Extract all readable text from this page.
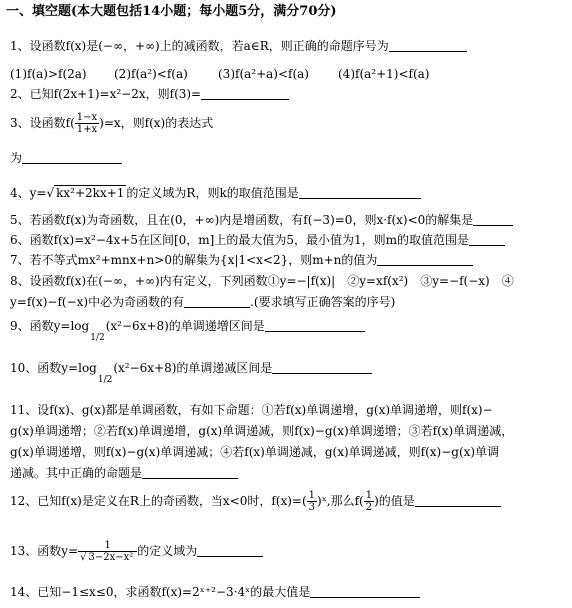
一、填空题(本大题包括14小题；每小题5分，满分70分)
1、设函数f(x)是(−∞，+∞)上的减函数，若a∈R，则正确的命题序号为
(1)f(a)>f(2a) (2)f(a²)<f(a)	(3)f(a²+a)<f(a) (4)f(a²+1)<f(a)
2、已知f(2x+1)=x²−2x，则f(3)=
3、设函数$f( \frac{1-x}{1+x} )=x$，则f(x)的表达式
为
4、y=√ kx²+2kx+1 的定义域为R，则k的取值范围是
5、若函数f(x)为奇函数，且在(0，+∞)内是增函数，有f(−3)=0，则x·f(x)<0的解集是
6、函数f(x)=x²−4x+5在区间[0，m]上的最大值为5，最小值为1，则m的取值范围是
7、若不等式mx²+mnx+n>0的解集为{x|1<x<2}，则m+n的值为
8、设函数f(x)在(−∞，+∞)内有定义，下列函数①y=−|f(x)|　②y=xf(x²)　③y=−f(−x)　④
y=f(x)−f(−x)中必为奇函数的有	.(要求填写正确答案的序号)
9、函数y=log1/2(x²−6x+8)的单调递增区间是
10、函数y=log1/2(x²−6x+8)的单调递减区间是
11、设f(x)、g(x)都是单调函数，有如下命题：①若f(x)单调递增，g(x)单调递增，则f(x)−
g(x)单调递增；②若f(x)单调递增，g(x)单调递减，则f(x)−g(x)单调递增；③若f(x)单调递减，
g(x)单调递增，则f(x)−g(x)单调递减；④若f(x)单调递减，g(x)单调递减，则f(x)−g(x)单调
递减。其中正确的命题是
12、已知f(x)是定义在R上的奇函数，当x<0时，$f(x)=( \frac{1}{3}$ )ˣ,那么$f( \frac{1}{2}$ )的值是
13、函数$y= \frac{1}{\text{√ 3−2x−x²}}$ 的定义域为
14、已知−1≤x≤0，求函数f(x)=2ˣ⁺²−3·4ˣ的最大值是
